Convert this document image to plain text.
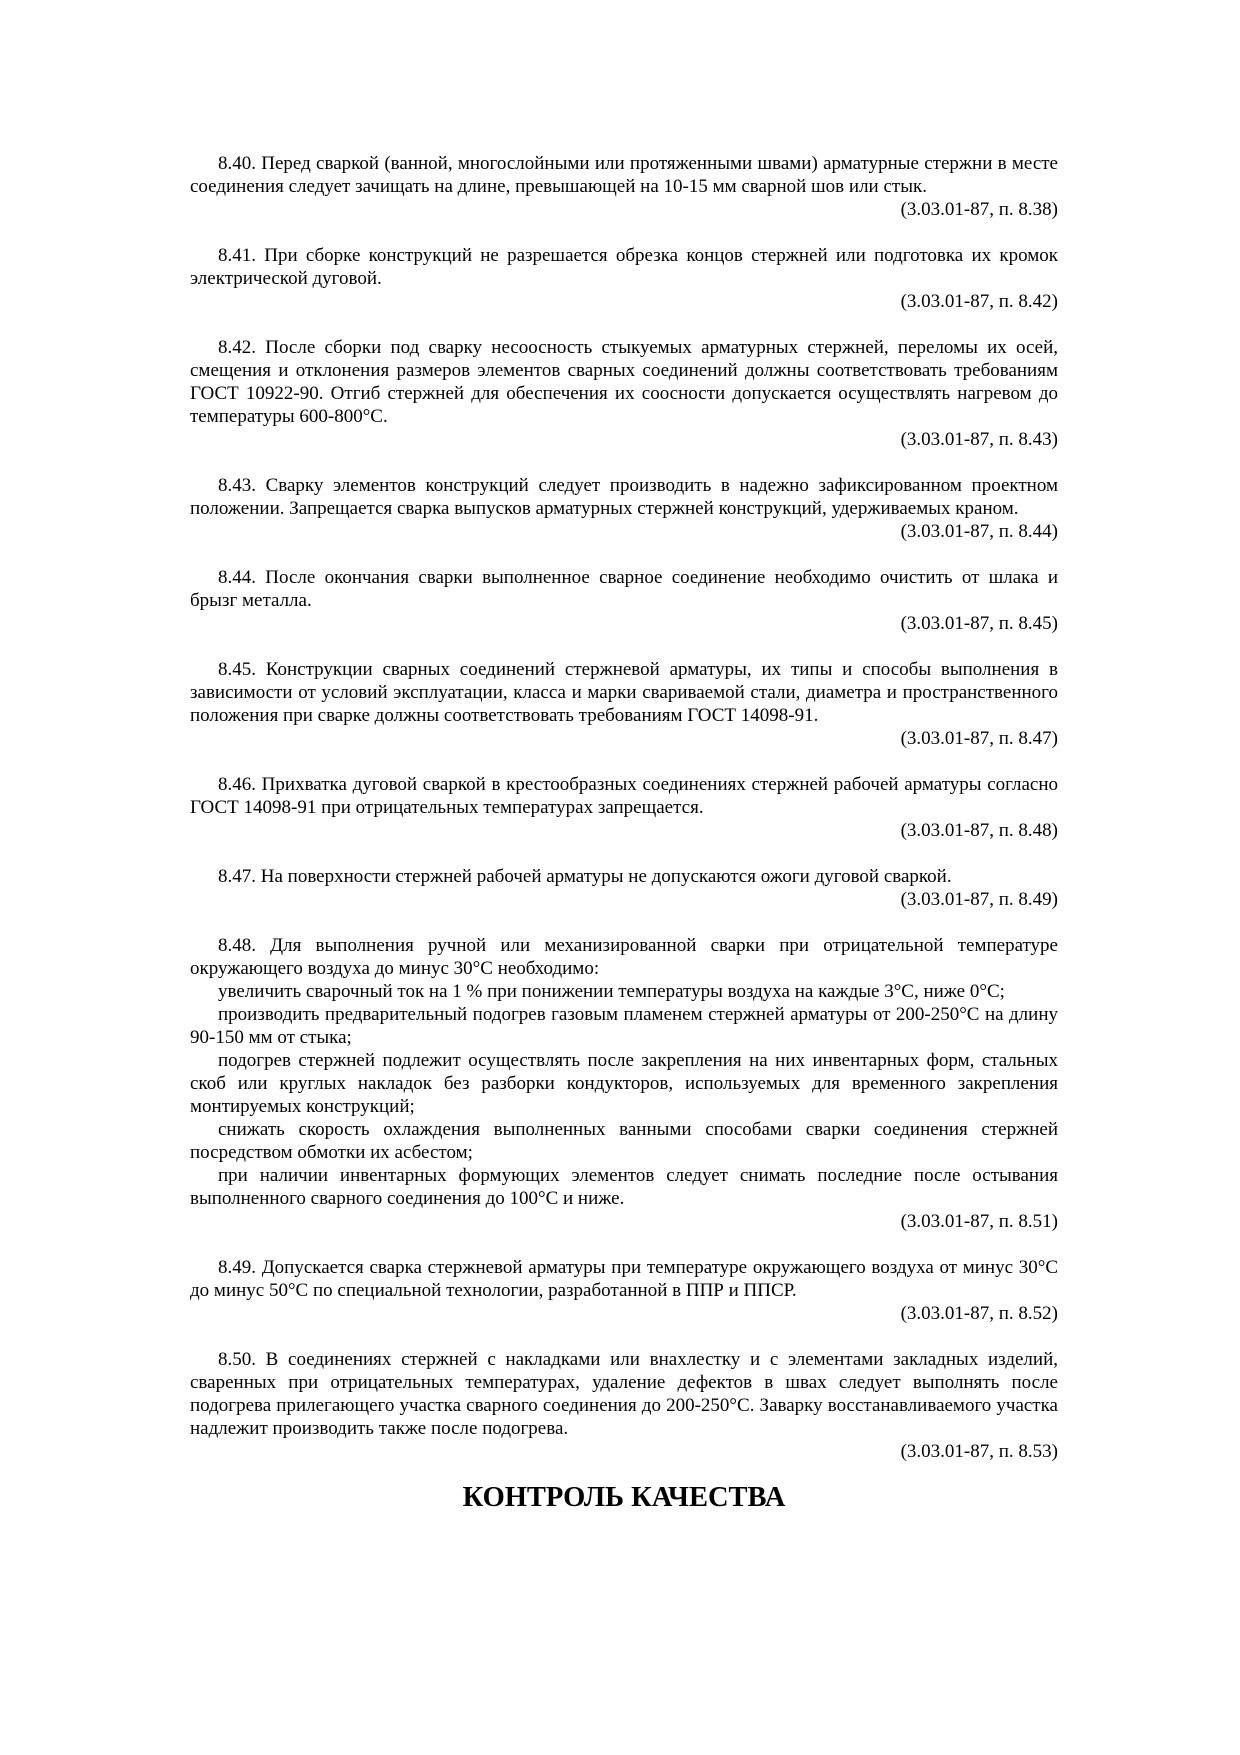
8.40. Перед сваркой (ванной, многослойными или протяженными швами) арматурные стержни в месте соединения следует зачищать на длине, превышающей на 10-15 мм сварной шов или стык.

(3.03.01-87, п. 8.38)

8.41. При сборке конструкций не разрешается обрезка концов стержней или подготовка их кромок электрической дуговой.

(3.03.01-87, п. 8.42)

8.42. После сборки под сварку несоосность стыкуемых арматурных стержней, переломы их осей, смещения и отклонения размеров элементов сварных соединений должны соответствовать требованиям ГОСТ 10922-90. Отгиб стержней для обеспечения их соосности допускается осуществлять нагревом до температуры 600-800°С.

(3.03.01-87, п. 8.43)

8.43. Сварку элементов конструкций следует производить в надежно зафиксированном проектном положении. Запрещается сварка выпусков арматурных стержней конструкций, удерживаемых краном.

(3.03.01-87, п. 8.44)

8.44. После окончания сварки выполненное сварное соединение необходимо очистить от шлака и брызг металла.

(3.03.01-87, п. 8.45)

8.45. Конструкции сварных соединений стержневой арматуры, их типы и способы выполнения в зависимости от условий эксплуатации, класса и марки свариваемой стали, диаметра и пространственного положения при сварке должны соответствовать требованиям ГОСТ 14098-91.

(3.03.01-87, п. 8.47)

8.46. Прихватка дуговой сваркой в крестообразных соединениях стержней рабочей арматуры согласно ГОСТ 14098-91 при отрицательных температурах запрещается.

(3.03.01-87, п. 8.48)

8.47. На поверхности стержней рабочей арматуры не допускаются ожоги дуговой сваркой.

(3.03.01-87, п. 8.49)

8.48. Для выполнения ручной или механизированной сварки при отрицательной температуре окружающего воздуха до минус 30°С необходимо:

увеличить сварочный ток на 1 % при понижении температуры воздуха на каждые 3°С, ниже 0°С;

производить предварительный подогрев газовым пламенем стержней арматуры от 200-250°С на длину 90-150 мм от стыка;

подогрев стержней подлежит осуществлять после закрепления на них инвентарных форм, стальных скоб или круглых накладок без разборки кондукторов, используемых для временного закрепления монтируемых конструкций;

снижать скорость охлаждения выполненных ванными способами сварки соединения стержней посредством обмотки их асбестом;

при наличии инвентарных формующих элементов следует снимать последние после остывания выполненного сварного соединения до 100°С и ниже.

(3.03.01-87, п. 8.51)

8.49. Допускается сварка стержневой арматуры при температуре окружающего воздуха от минус 30°С до минус 50°С по специальной технологии, разработанной в ППР и ППСР.

(3.03.01-87, п. 8.52)

8.50. В соединениях стержней с накладками или внахлестку и с элементами закладных изделий, сваренных при отрицательных температурах, удаление дефектов в швах следует выполнять после подогрева прилегающего участка сварного соединения до 200-250°С. Заварку восстанавливаемого участка надлежит производить также после подогрева.

(3.03.01-87, п. 8.53)

КОНТРОЛЬ КАЧЕСТВА
